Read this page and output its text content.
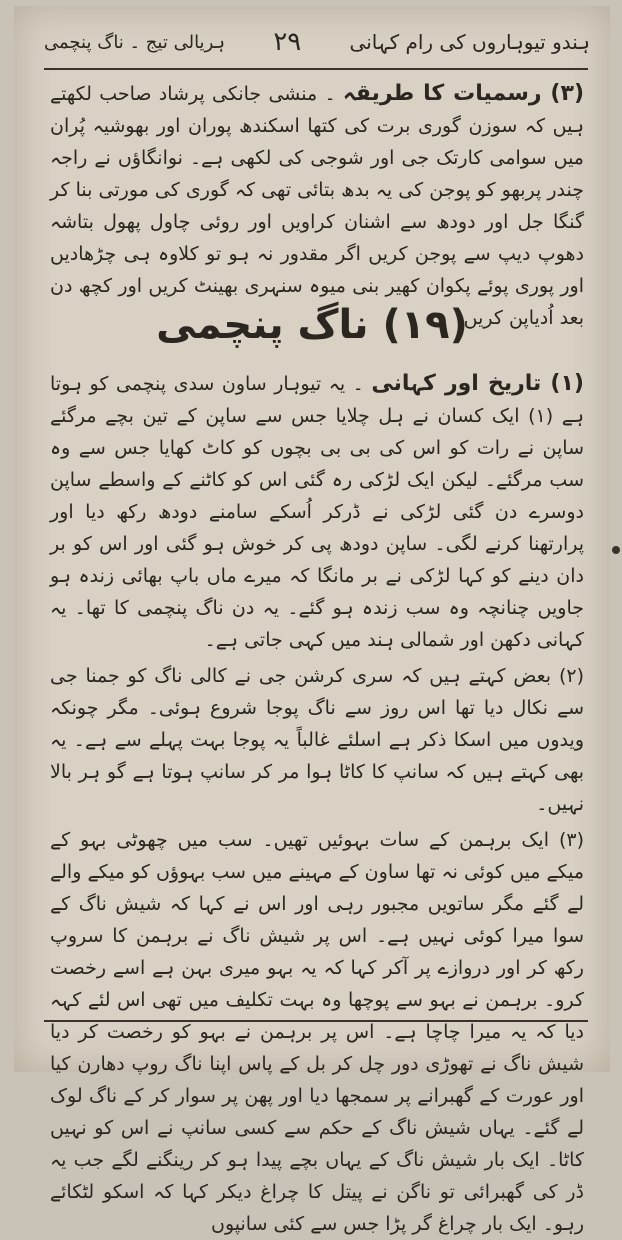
ہندو تیوہاروں کی رام کہانی
۲۹
ہریالی تیج ۔ ناگ پنچمی

(۳) رسمیات کا طریقہ ۔ منشی جانکی پرشاد صاحب لکھتے ہیں کہ سوزن گوری برت کی کتھا اسکندھ پوران اور بھوشیہ پُران میں سوامی کارتک جی اور شوجی کی لکھی ہے۔ نوانگاؤں نے راجہ چندر پربھو کو پوجن کی یہ بدھ بتائی تھی کہ گوری کی مورتی بنا کر گنگا جل اور دودھ سے اشنان کراویں اور روئی چاول پھول بتاشہ دھوپ دیپ سے پوجن کریں اگر مقدور نہ ہو تو کلاوہ ہی چڑھادیں اور پوری پوئے پکوان کھیر بنی میوہ سنہری بھینٹ کریں اور کچھ دن بعد اُدیاپن کریں

(۱۹) ناگ پنچمی

(۱) تاریخ اور کہانی ۔ یہ تیوہار ساون سدی پنچمی کو ہوتا ہے (۱) ایک کسان نے ہل چلایا جس سے ساپن کے تین بچے مرگئے ساپن نے رات کو اس کی بی بی بچوں کو کاٹ کھایا جس سے وہ سب مرگئے۔ لیکن ایک لڑکی رہ گئی اس کو کاٹنے کے واسطے ساپن دوسرے دن گئی لڑکی نے ڈرکر اُسکے سامنے دودھ رکھ دیا اور پرارتھنا کرنے لگی۔ ساپن دودھ پی کر خوش ہو گئی اور اس کو بر دان دینے کو کہا لڑکی نے بر مانگا کہ میرے ماں باپ بھائی زندہ ہو جاویں چنانچہ وہ سب زندہ ہو گئے۔ یہ دن ناگ پنچمی کا تھا۔ یہ کہانی دکھن اور شمالی ہند میں کہی جاتی ہے۔

(۲) بعض کہتے ہیں کہ سری کرشن جی نے کالی ناگ کو جمنا جی سے نکال دیا تھا اس روز سے ناگ پوجا شروع ہوئی۔ مگر چونکہ ویدوں میں اسکا ذکر ہے اسلئے غالباً یہ پوجا بہت پہلے سے ہے۔ یہ بھی کہتے ہیں کہ سانپ کا کاٹا ہوا مر کر سانپ ہوتا ہے گو ہر بالا نہیں۔

(۳) ایک برہمن کے سات بہوئیں تھیں۔ سب میں چھوٹی بہو کے میکے میں کوئی نہ تھا ساون کے مہینے میں سب بہوؤں کو میکے والے لے گئے مگر ساتویں مجبور رہی اور اس نے کہا کہ شیش ناگ کے سوا میرا کوئی نہیں ہے۔ اس پر شیش ناگ نے برہمن کا سروپ رکھ کر اور دروازے پر آکر کہا کہ یہ بہو میری بہن ہے اسے رخصت کرو۔ برہمن نے بہو سے پوچھا وہ بہت تکلیف میں تھی اس لئے کہہ دیا کہ یہ میرا چاچا ہے۔ اس پر برہمن نے بہو کو رخصت کر دیا شیش ناگ نے تھوڑی دور چل کر بل کے پاس اپنا ناگ روپ دھارن کیا اور عورت کے گھبرانے پر سمجھا دیا اور پھن پر سوار کر کے ناگ لوک لے گئے۔ یہاں شیش ناگ کے حکم سے کسی سانپ نے اس کو نہیں کاٹا۔ ایک بار شیش ناگ کے یہاں بچے پیدا ہو کر رینگنے لگے جب یہ ڈر کی گھبرائی تو ناگن نے پیتل کا چراغ دیکر کہا کہ اسکو لٹکائے رہو۔ ایک بار چراغ گر پڑا جس سے کئی سانپوں
